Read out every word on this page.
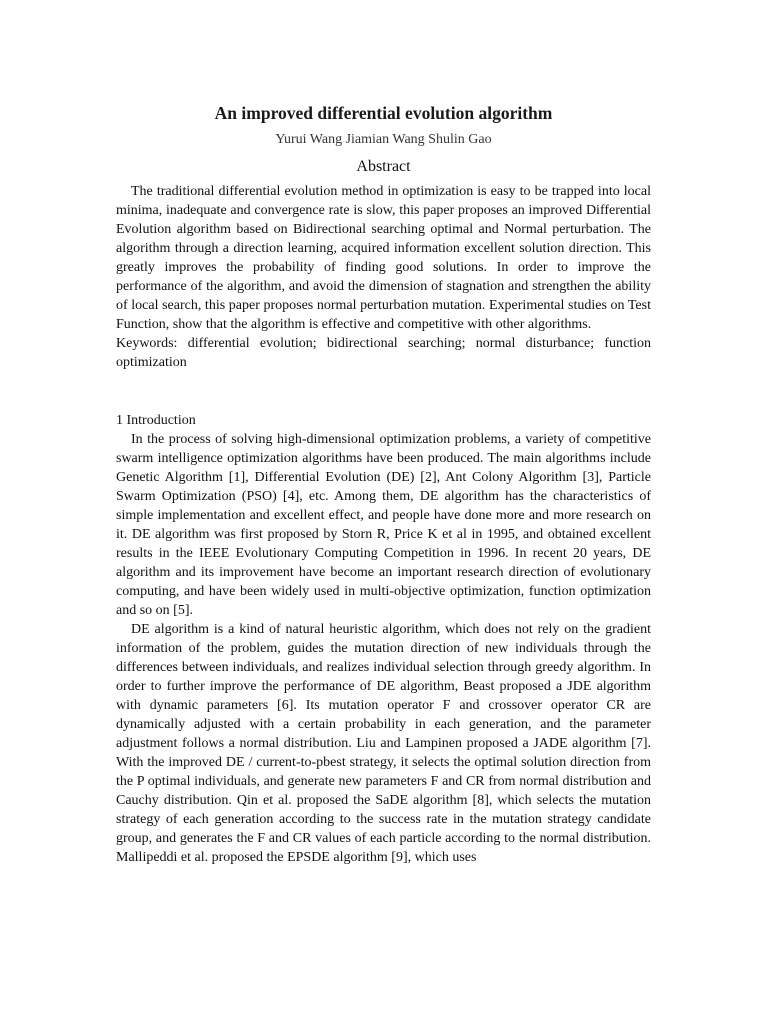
An improved differential evolution algorithm
Yurui Wang Jiamian Wang Shulin Gao
Abstract

The traditional differential evolution method in optimization is easy to be trapped into local minima, inadequate and convergence rate is slow, this paper proposes an improved Differential Evolution algorithm based on Bidirectional searching optimal and Normal perturbation. The algorithm through a direction learning, acquired information excellent solution direction. This greatly improves the probability of finding good solutions. In order to improve the performance of the algorithm, and avoid the dimension of stagnation and strengthen the ability of local search, this paper proposes normal perturbation mutation. Experimental studies on Test Function, show that the algorithm is effective and competitive with other algorithms.

Keywords: differential evolution; bidirectional searching; normal disturbance; function optimization

1 Introduction

In the process of solving high-dimensional optimization problems, a variety of competitive swarm intelligence optimization algorithms have been produced. The main algorithms include Genetic Algorithm [1], Differential Evolution (DE) [2], Ant Colony Algorithm [3], Particle Swarm Optimization (PSO) [4], etc. Among them, DE algorithm has the characteristics of simple implementation and excellent effect, and people have done more and more research on it. DE algorithm was first proposed by Storn R, Price K et al in 1995, and obtained excellent results in the IEEE Evolutionary Computing Competition in 1996. In recent 20 years, DE algorithm and its improvement have become an important research direction of evolutionary computing, and have been widely used in multi-objective optimization, function optimization and so on [5].

DE algorithm is a kind of natural heuristic algorithm, which does not rely on the gradient information of the problem, guides the mutation direction of new individuals through the differences between individuals, and realizes individual selection through greedy algorithm. In order to further improve the performance of DE algorithm, Beast proposed a JDE algorithm with dynamic parameters [6]. Its mutation operator F and crossover operator CR are dynamically adjusted with a certain probability in each generation, and the parameter adjustment follows a normal distribution. Liu and Lampinen proposed a JADE algorithm [7]. With the improved DE / current-to-pbest strategy, it selects the optimal solution direction from the P optimal individuals, and generate new parameters F and CR from normal distribution and Cauchy distribution. Qin et al. proposed the SaDE algorithm [8], which selects the mutation strategy of each generation according to the success rate in the mutation strategy candidate group, and generates the F and CR values of each particle according to the normal distribution. Mallipeddi et al. proposed the EPSDE algorithm [9], which uses
